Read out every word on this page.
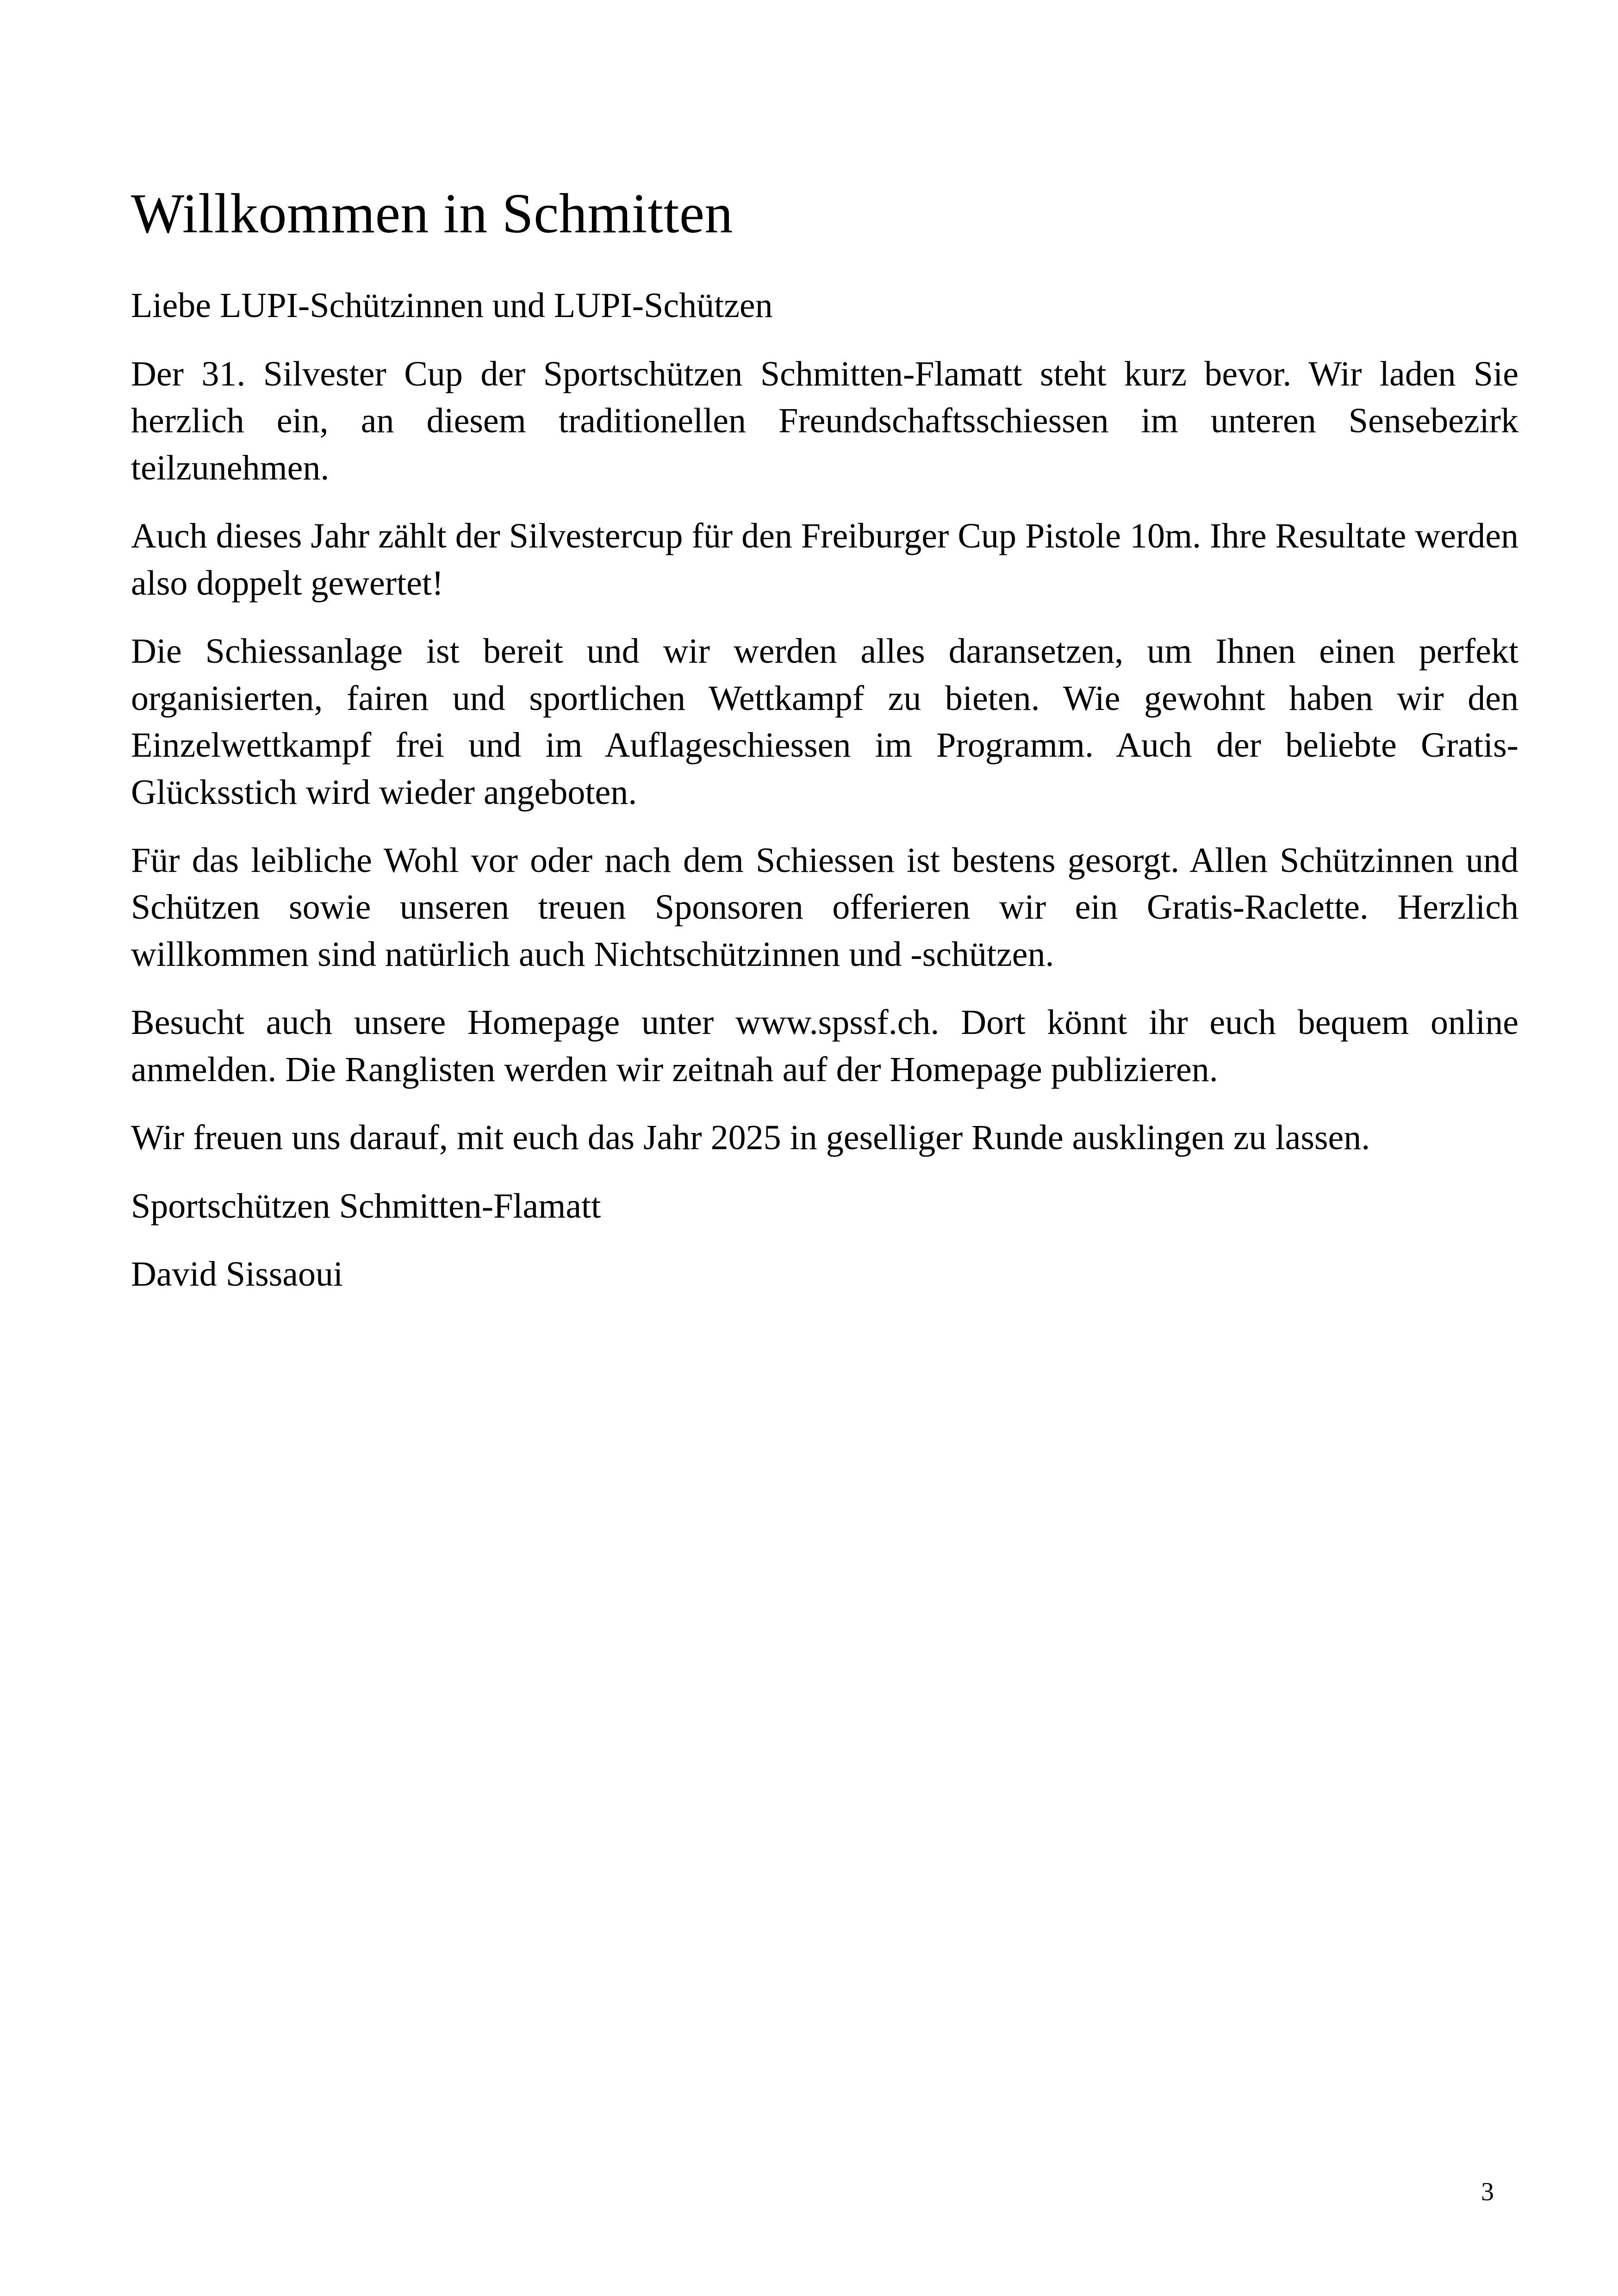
Willkommen in Schmitten

Liebe LUPI-Schützinnen und LUPI-Schützen

Der 31. Silvester Cup der Sportschützen Schmitten-Flamatt steht kurz bevor. Wir laden Sie herzlich ein, an diesem traditionellen Freundschaftsschiessen im unteren Sensebezirk teilzunehmen.

Auch dieses Jahr zählt der Silvestercup für den Freiburger Cup Pistole 10m. Ihre Resultate werden also doppelt gewertet!

Die Schiessanlage ist bereit und wir werden alles daransetzen, um Ihnen einen perfekt organisierten, fairen und sportlichen Wettkampf zu bieten. Wie gewohnt haben wir den Einzelwettkampf frei und im Auflageschiessen im Programm. Auch der beliebte Gratis-Glücksstich wird wieder angeboten.

Für das leibliche Wohl vor oder nach dem Schiessen ist bestens gesorgt. Allen Schützinnen und Schützen sowie unseren treuen Sponsoren offerieren wir ein Gratis-Raclette. Herzlich willkommen sind natürlich auch Nichtschützinnen und -schützen.

Besucht auch unsere Homepage unter www.spssf.ch. Dort könnt ihr euch bequem online anmelden. Die Ranglisten werden wir zeitnah auf der Homepage publizieren.

Wir freuen uns darauf, mit euch das Jahr 2025 in geselliger Runde ausklingen zu lassen.

Sportschützen Schmitten-Flamatt

David Sissaoui

3
